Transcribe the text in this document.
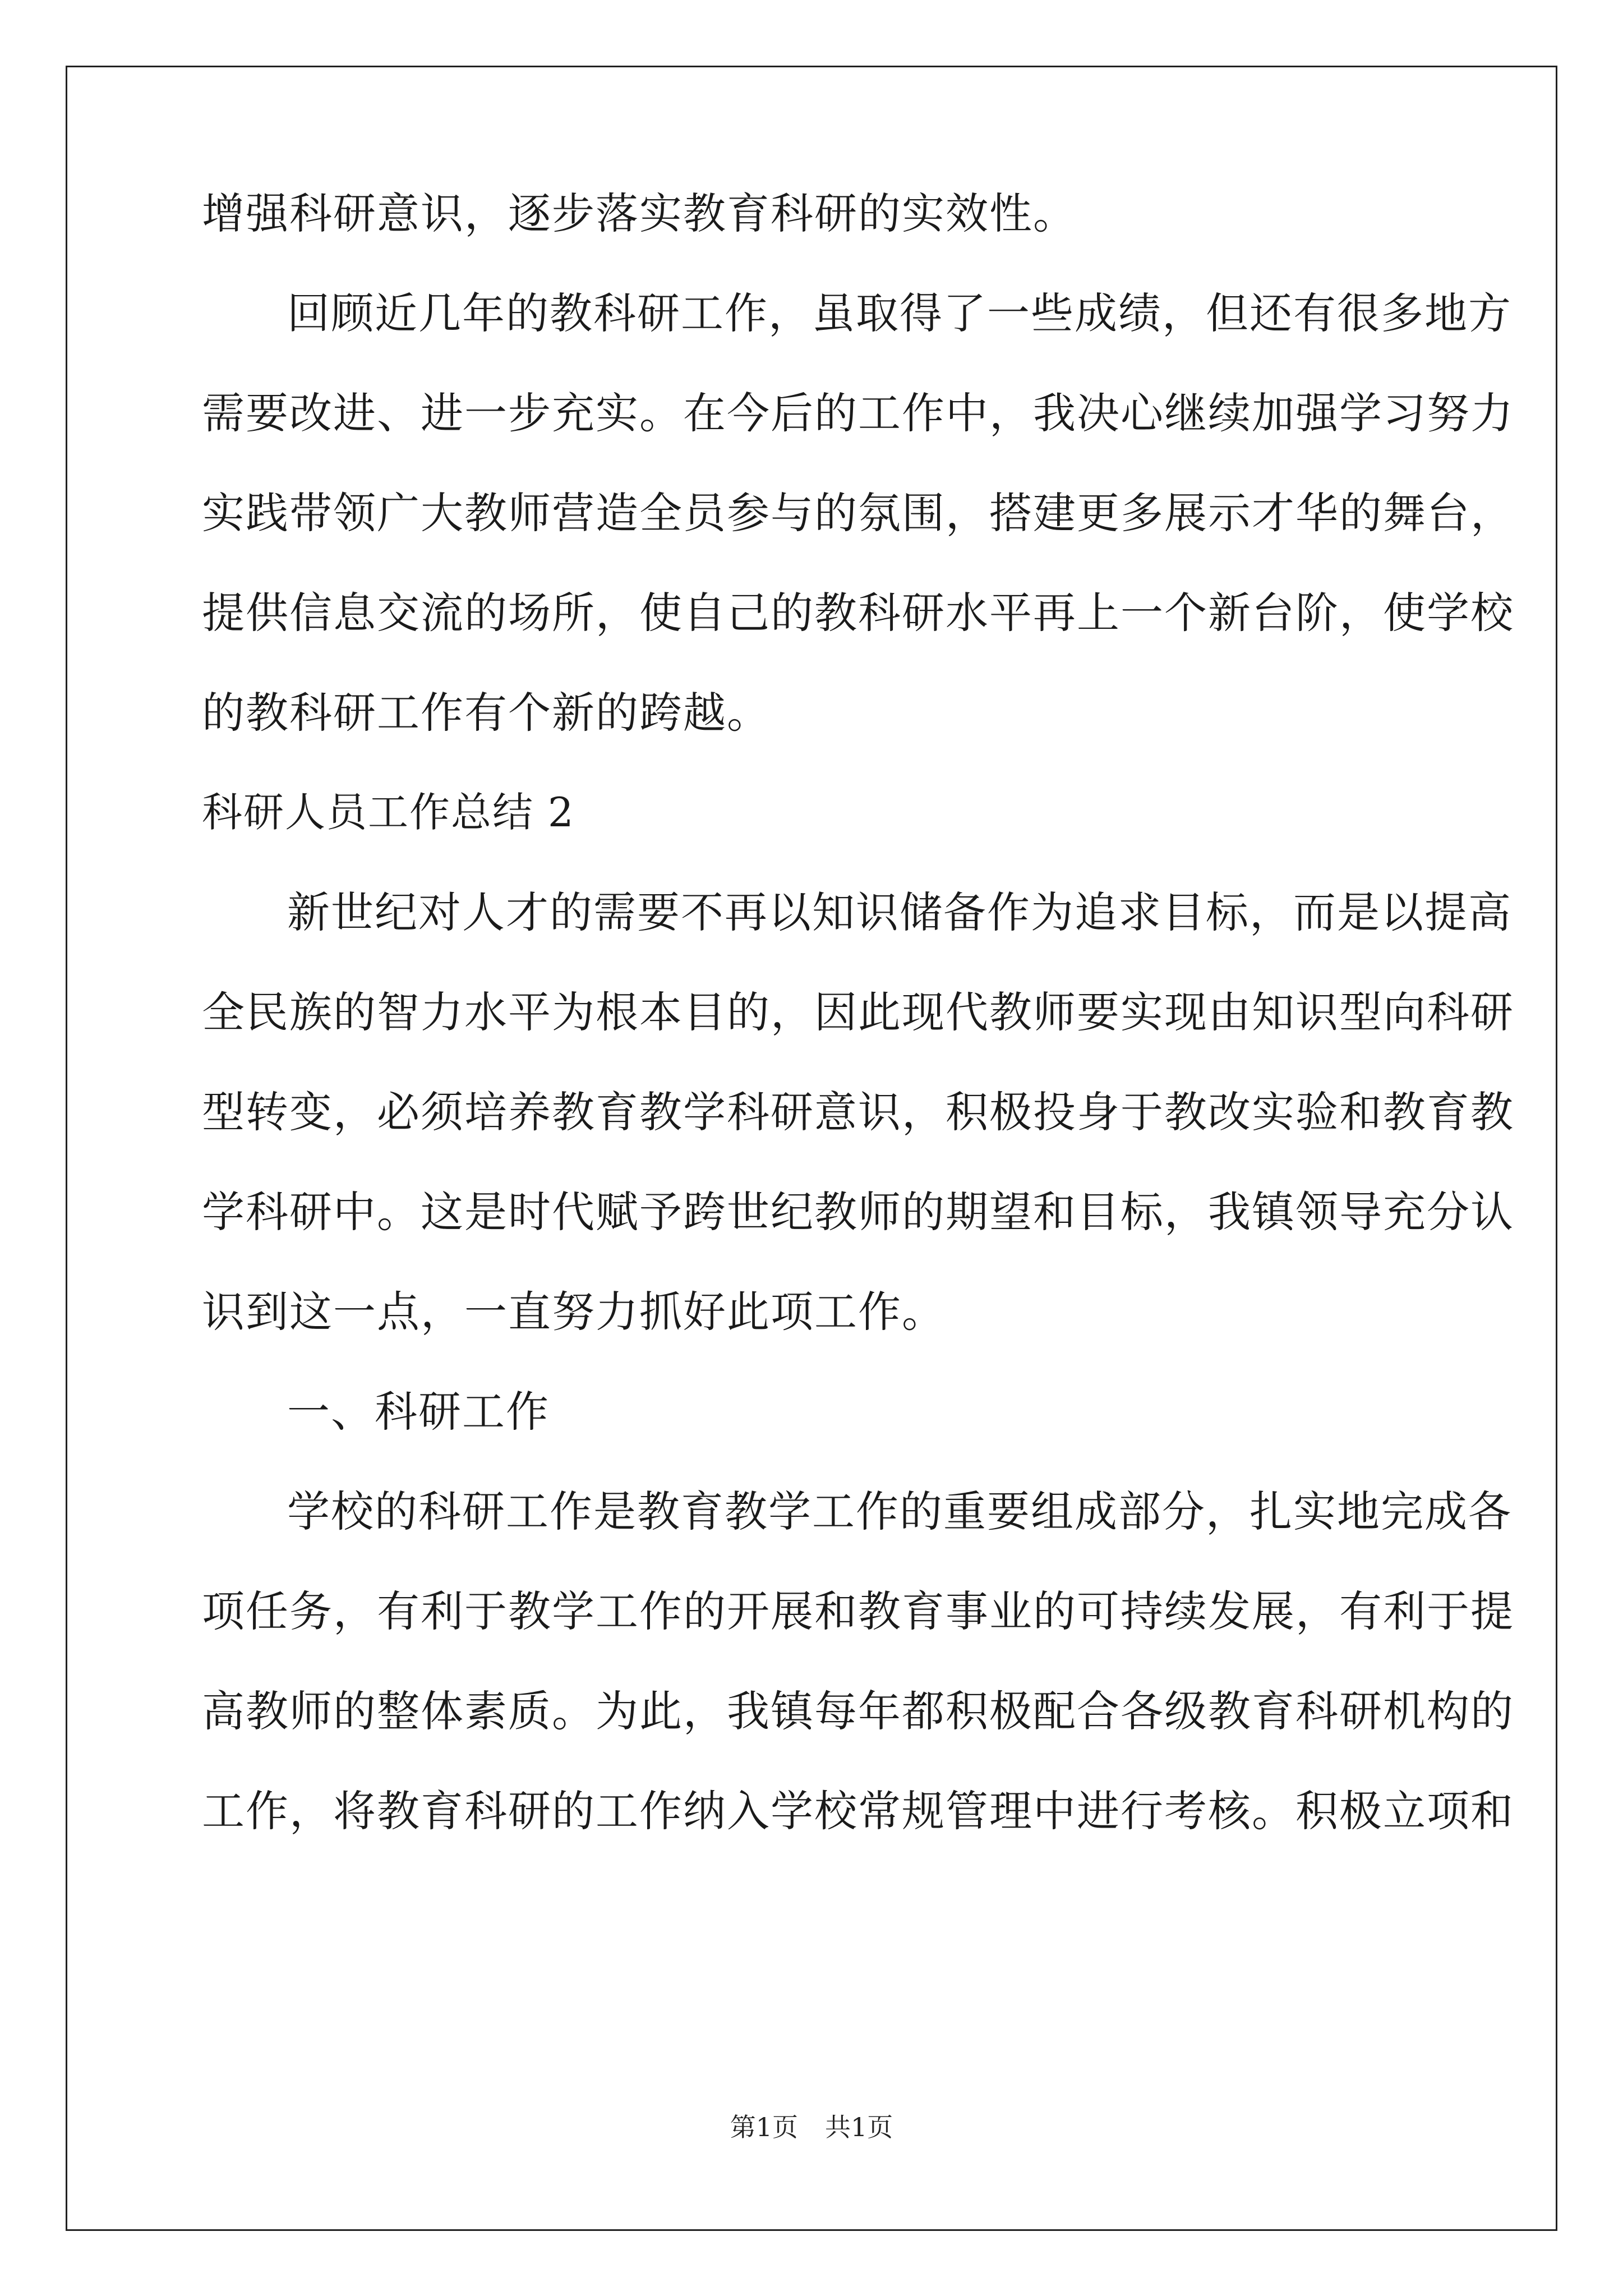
增强科研意识，逐步落实教育科研的实效性。

回顾近几年的教科研工作，虽取得了一些成绩，但还有很多地方

需要改进、进一步充实。在今后的工作中，我决心继续加强学习努力

实践带领广大教师营造全员参与的氛围，搭建更多展示才华的舞台，

提供信息交流的场所，使自己的教科研水平再上一个新台阶，使学校

的教科研工作有个新的跨越。

科研人员工作总结 2

新世纪对人才的需要不再以知识储备作为追求目标，而是以提高

全民族的智力水平为根本目的，因此现代教师要实现由知识型向科研

型转变，必须培养教育教学科研意识，积极投身于教改实验和教育教

学科研中。这是时代赋予跨世纪教师的期望和目标，我镇领导充分认

识到这一点，一直努力抓好此项工作。

一、科研工作

学校的科研工作是教育教学工作的重要组成部分，扎实地完成各

项任务，有利于教学工作的开展和教育事业的可持续发展，有利于提

高教师的整体素质。为此，我镇每年都积极配合各级教育科研机构的

工作，将教育科研的工作纳入学校常规管理中进行考核。积极立项和

第1页 共1页
